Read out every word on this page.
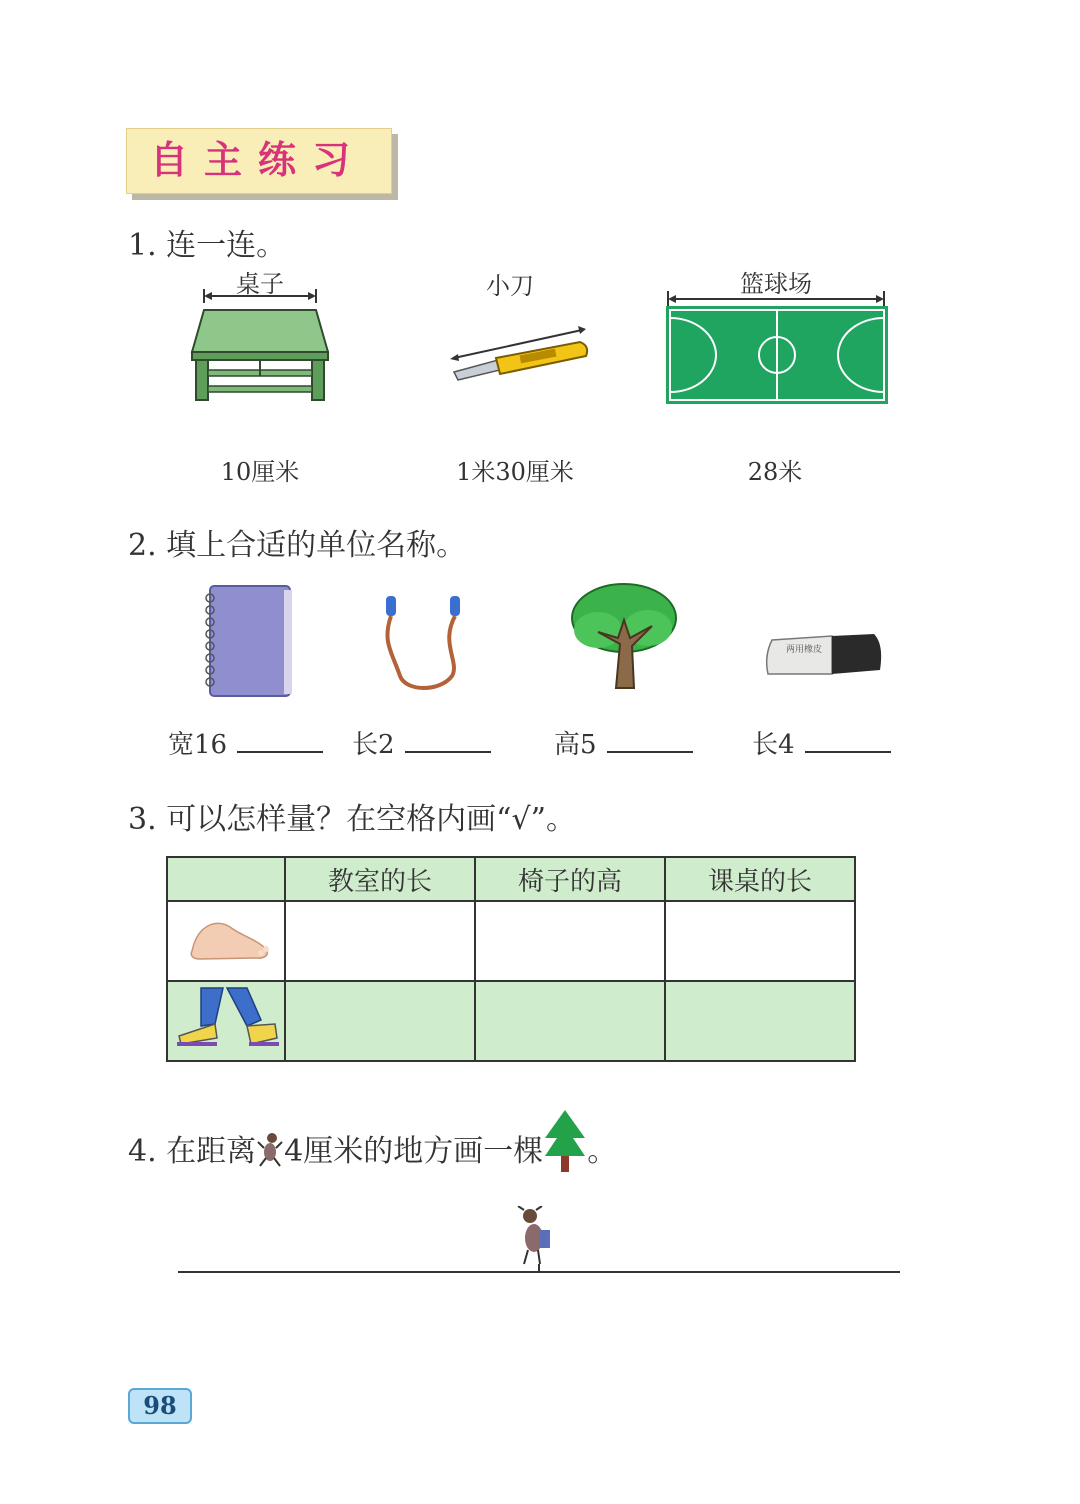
自主练习
1. 连一连。
桌子	小刀	篮球场
10厘米	1米30厘米	28米
2. 填上合适的单位名称。
两用橡皮
宽16	长2	高5	长4
3. 可以怎样量？在空格内画“√”。
	教室的长	椅子的高	课桌的长

4. 在距离 4厘米的地方画一棵 。
98
